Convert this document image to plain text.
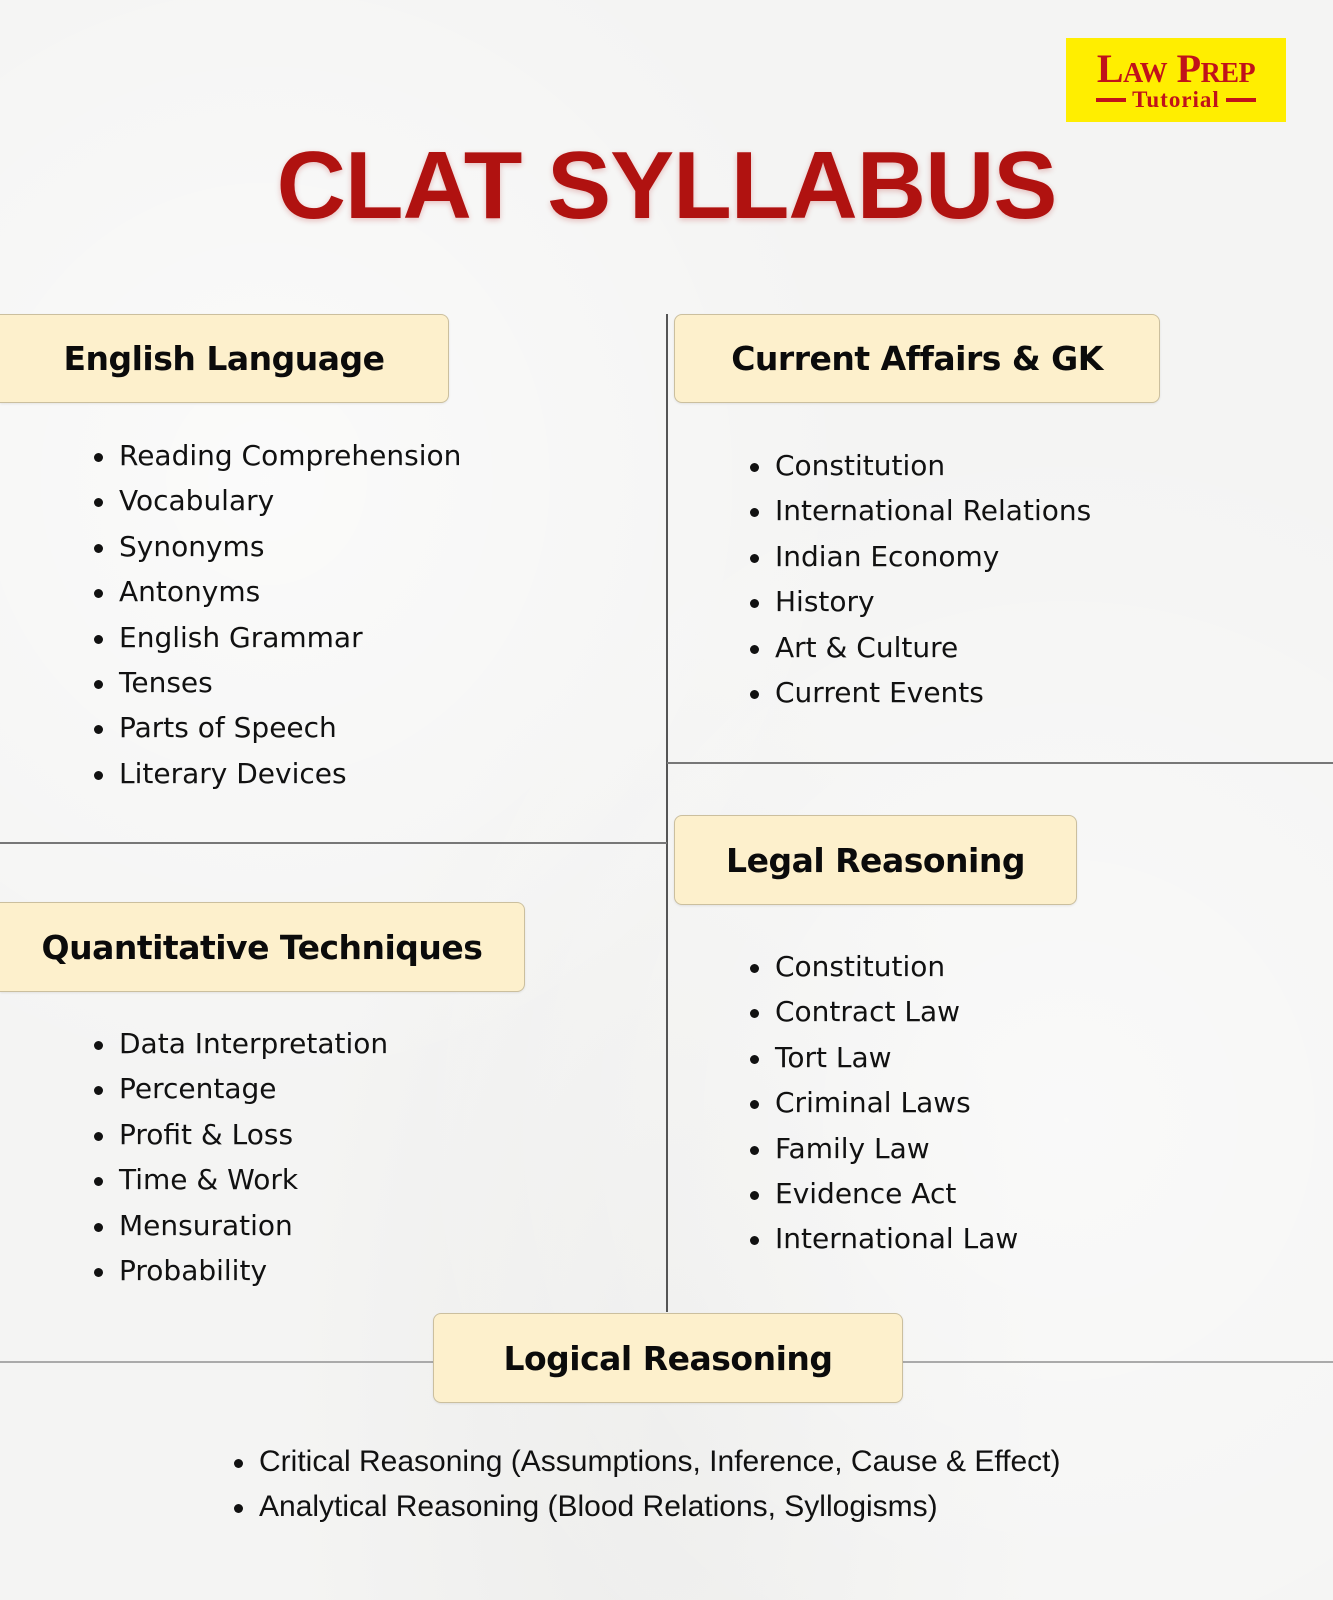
Law Prep
Tutorial
CLAT SYLLABUS
English Language
Reading Comprehension
Vocabulary
Synonyms
Antonyms
English Grammar
Tenses
Parts of Speech
Literary Devices
Current Affairs & GK
Constitution
International Relations
Indian Economy
History
Art & Culture
Current Events
Legal Reasoning
Constitution
Contract Law
Tort Law
Criminal Laws
Family Law
Evidence Act
International Law
Quantitative Techniques
Data Interpretation
Percentage
Profit & Loss
Time & Work
Mensuration
Probability
Logical Reasoning
Critical Reasoning (Assumptions, Inference, Cause & Effect)
Analytical Reasoning (Blood Relations, Syllogisms)
